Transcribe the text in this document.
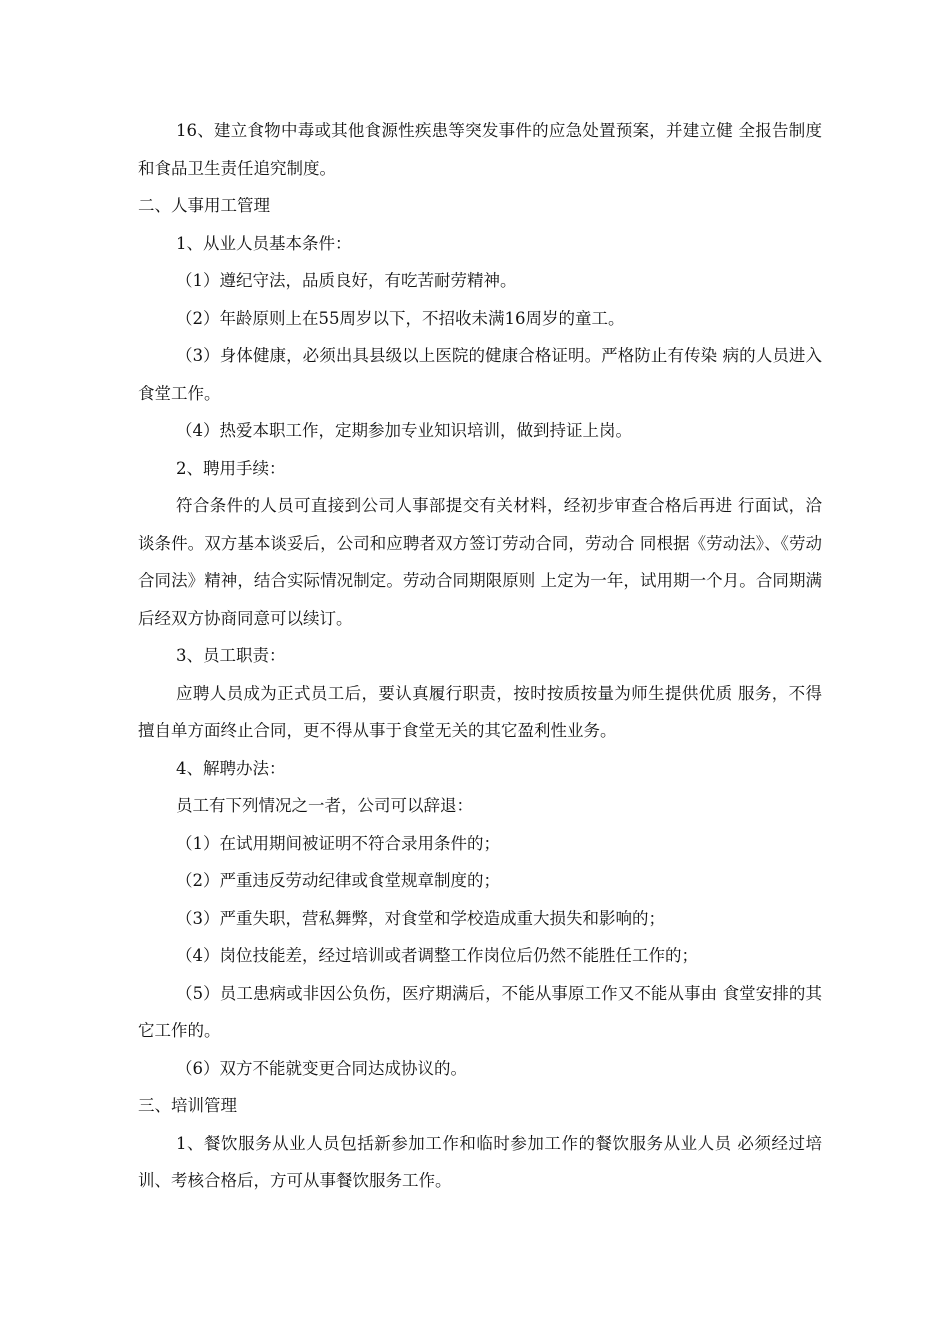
16、建立食物中毒或其他食源性疾患等突发事件的应急处置预案，并建立健 全报告制度和食品卫生责任追究制度。

二、人事用工管理

1、从业人员基本条件：

（1）遵纪守法，品质良好，有吃苦耐劳精神。

（2）年龄原则上在55周岁以下，不招收未满16周岁的童工。

（3）身体健康，必须出具县级以上医院的健康合格证明。严格防止有传染 病的人员进入食堂工作。

（4）热爱本职工作，定期参加专业知识培训，做到持证上岗。

2、聘用手续：

符合条件的人员可直接到公司人事部提交有关材料，经初步审查合格后再进 行面试，洽谈条件。双方基本谈妥后，公司和应聘者双方签订劳动合同，劳动合 同根据《劳动法》、《劳动合同法》精神，结合实际情况制定。劳动合同期限原则 上定为一年，试用期一个月。合同期满后经双方协商同意可以续订。

3、员工职责：

应聘人员成为正式员工后，要认真履行职责，按时按质按量为师生提供优质 服务，不得擅自单方面终止合同，更不得从事于食堂无关的其它盈利性业务。

4、解聘办法：

员工有下列情况之一者，公司可以辞退：

（1）在试用期间被证明不符合录用条件的；

（2）严重违反劳动纪律或食堂规章制度的；

（3）严重失职，营私舞弊，对食堂和学校造成重大损失和影响的；

（4）岗位技能差，经过培训或者调整工作岗位后仍然不能胜任工作的；

（5）员工患病或非因公负伤，医疗期满后，不能从事原工作又不能从事由 食堂安排的其它工作的。

（6）双方不能就变更合同达成协议的。

三、培训管理

1、餐饮服务从业人员包括新参加工作和临时参加工作的餐饮服务从业人员 必须经过培训、考核合格后，方可从事餐饮服务工作。
